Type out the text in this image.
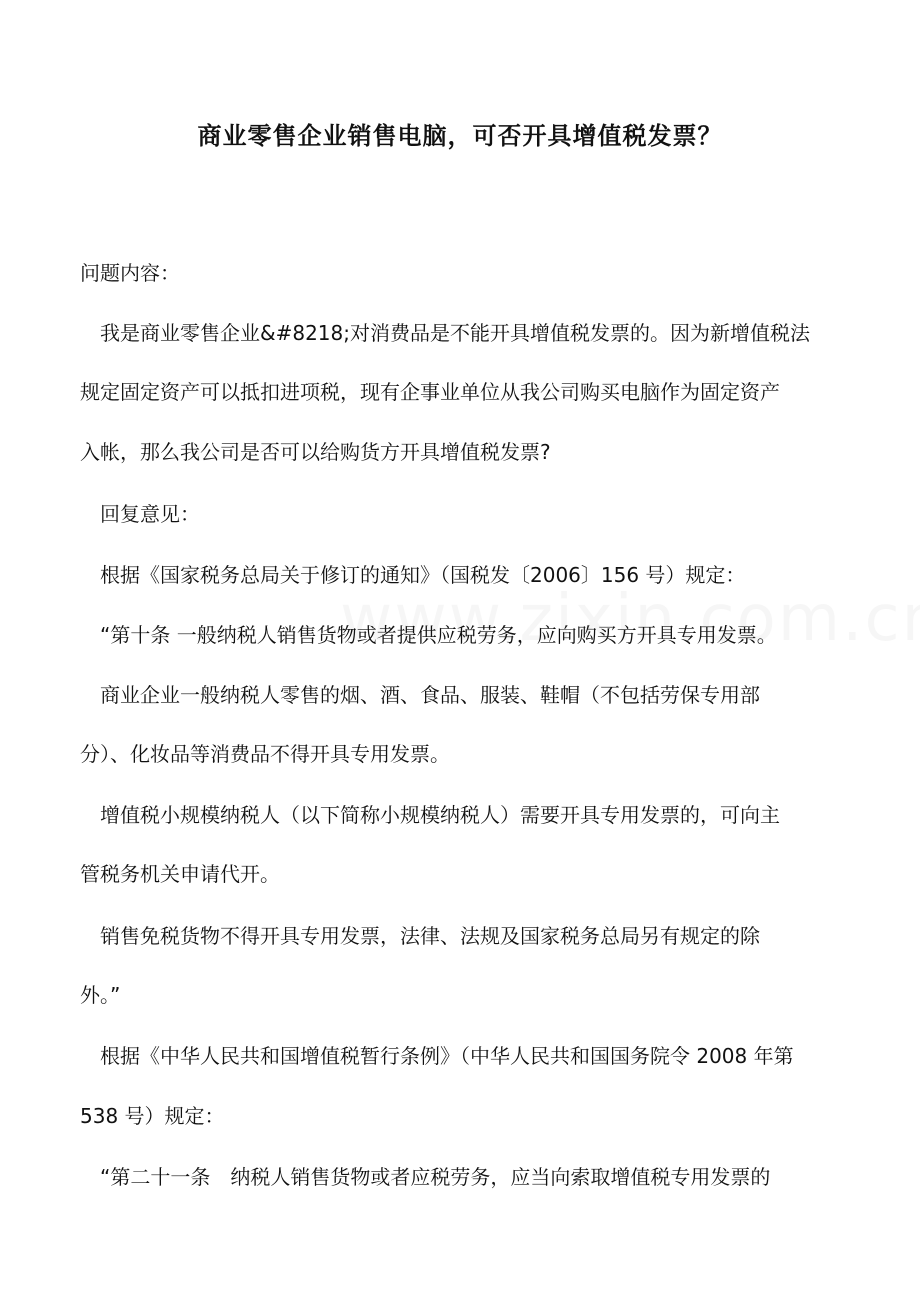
商业零售企业销售电脑，可否开具增值税发票？
问题内容：
　我是商业零售企业&#8218;对消费品是不能开具增值税发票的。因为新增值税法
规定固定资产可以抵扣进项税，现有企事业单位从我公司购买电脑作为固定资产
入帐，那么我公司是否可以给购货方开具增值税发票?
　回复意见：
　根据《国家税务总局关于修订的通知》（国税发〔2006〕156 号）规定：
　“第十条 一般纳税人销售货物或者提供应税劳务，应向购买方开具专用发票。
　商业企业一般纳税人零售的烟、酒、食品、服装、鞋帽（不包括劳保专用部
分）、化妆品等消费品不得开具专用发票。
　增值税小规模纳税人（以下简称小规模纳税人）需要开具专用发票的，可向主
管税务机关申请代开。
　销售免税货物不得开具专用发票，法律、法规及国家税务总局另有规定的除
外。”
　根据《中华人民共和国增值税暂行条例》（中华人民共和国国务院令 2008 年第
538 号）规定：
　“第二十一条　纳税人销售货物或者应税劳务，应当向索取增值税专用发票的
